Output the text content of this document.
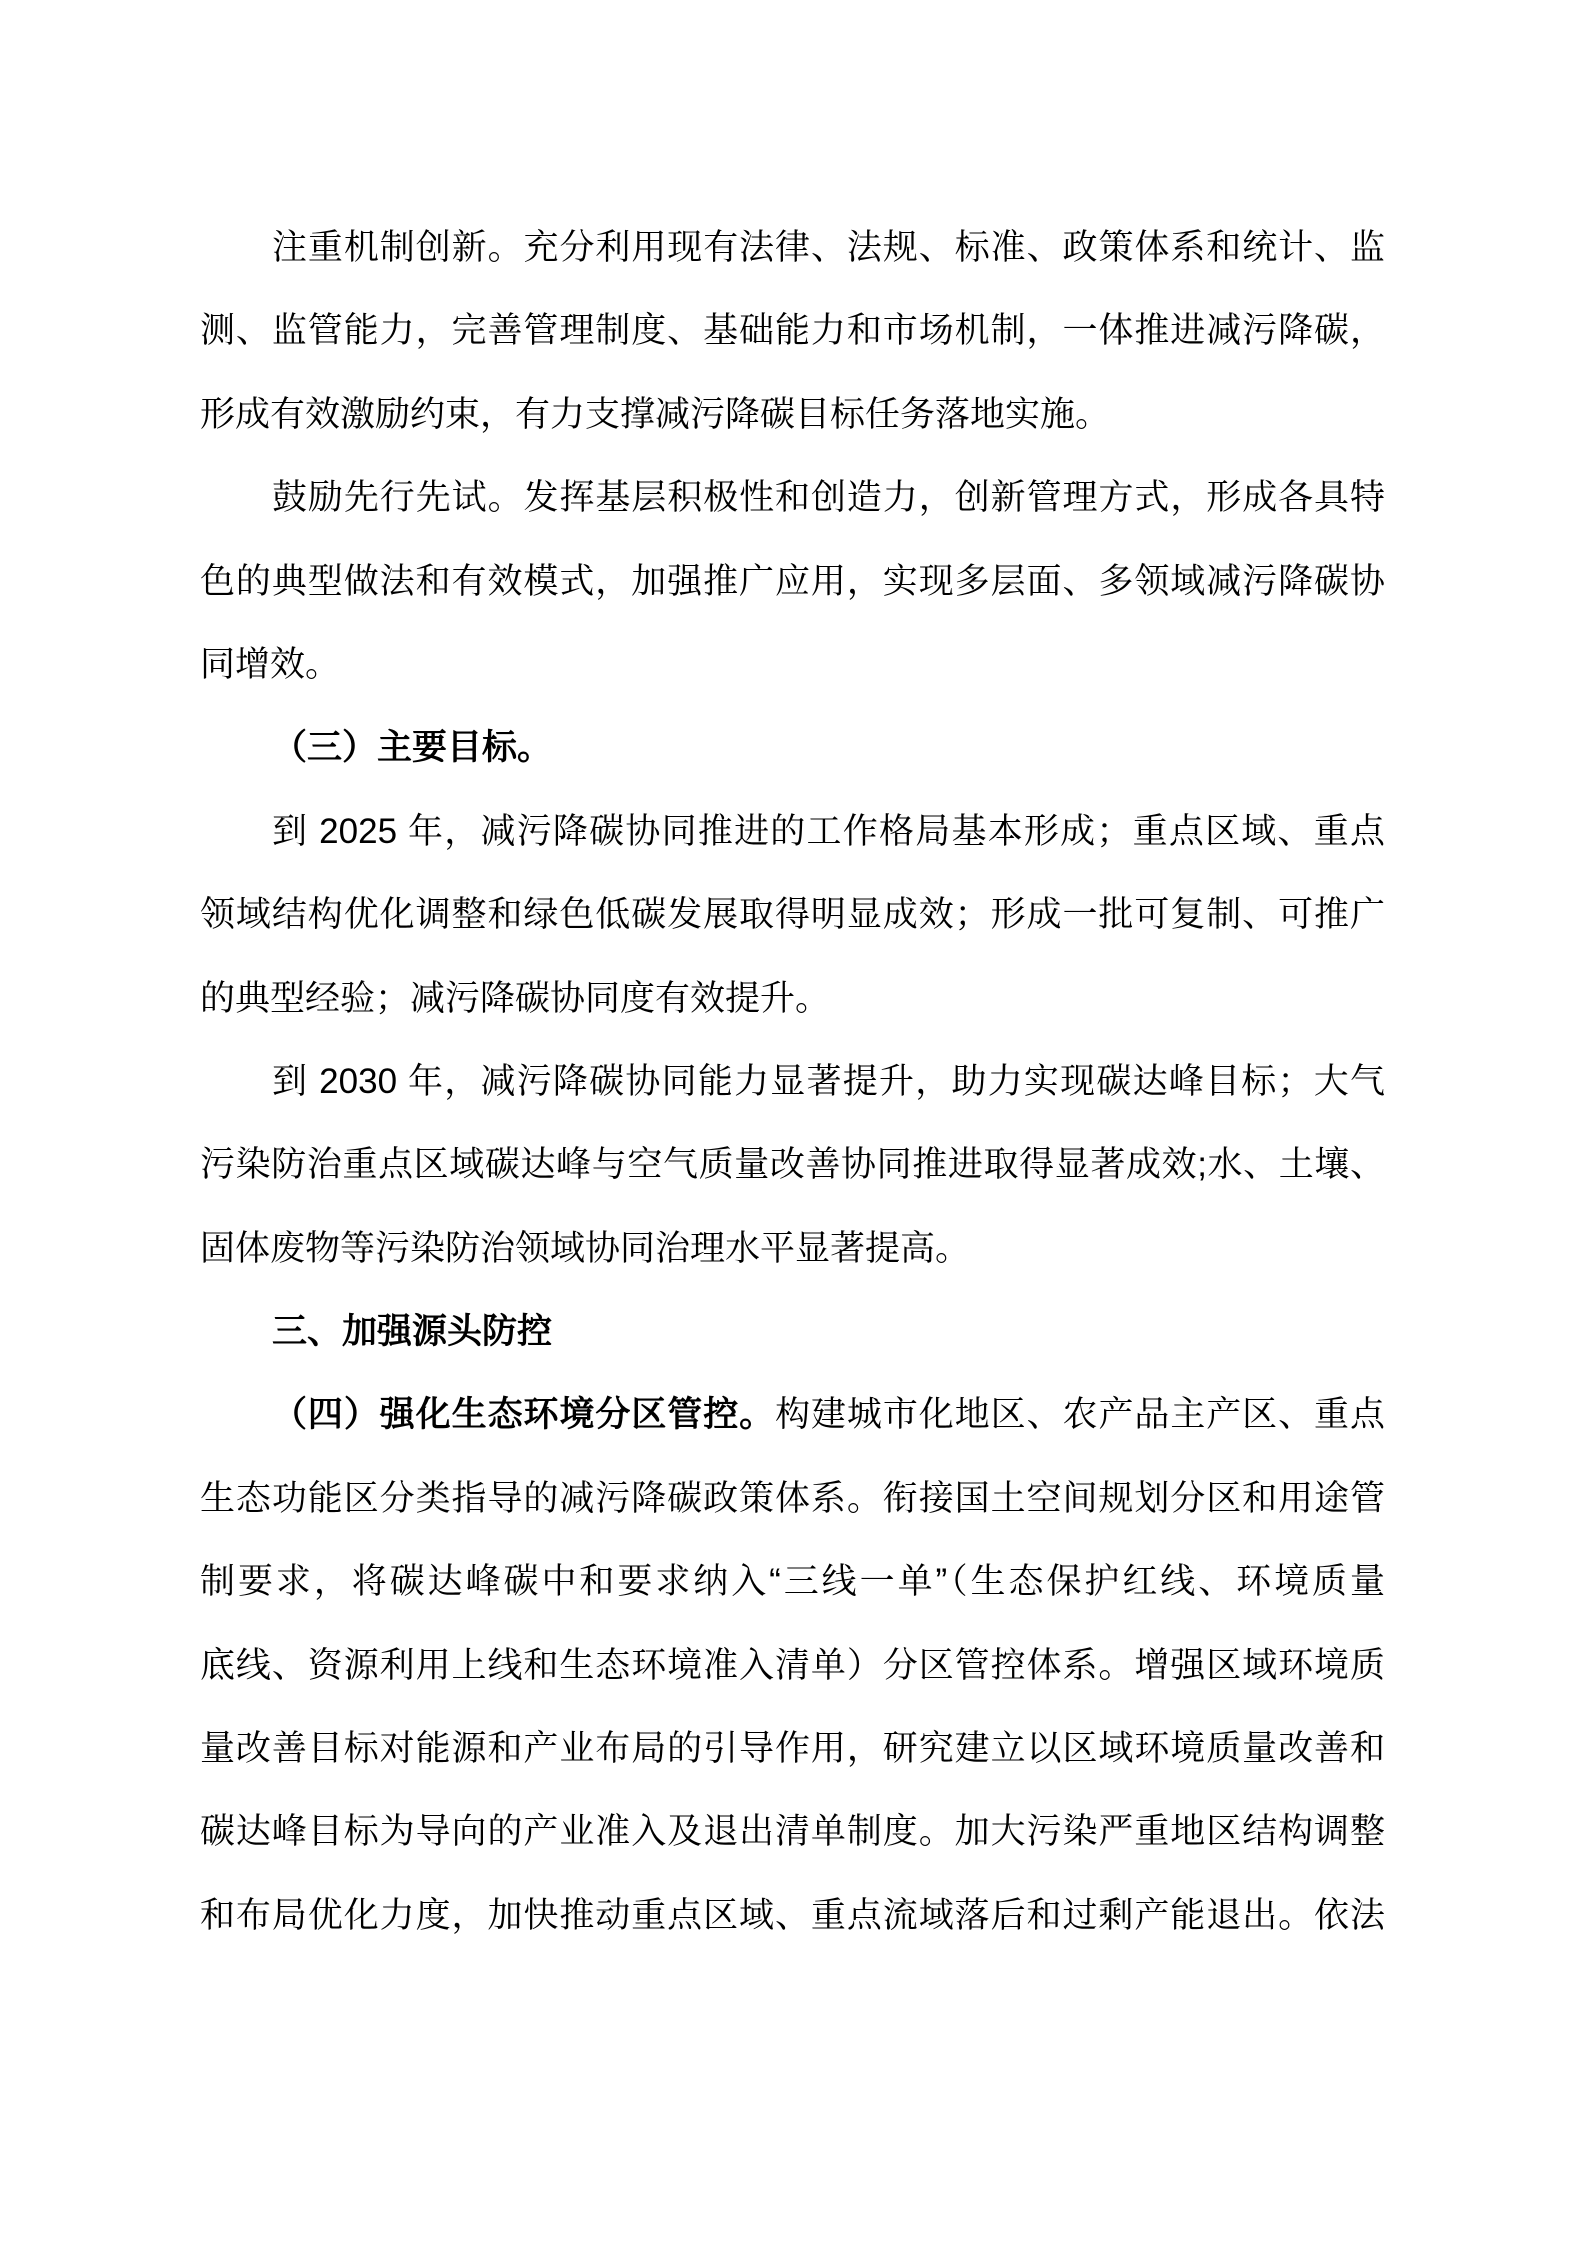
注重机制创新。充分利用现有法律、法规、标准、政策体系和统计、监
测、监管能力，完善管理制度、基础能力和市场机制，一体推进减污降碳，
形成有效激励约束，有力支撑减污降碳目标任务落地实施。
鼓励先行先试。发挥基层积极性和创造力，创新管理方式，形成各具特
色的典型做法和有效模式，加强推广应用，实现多层面、多领域减污降碳协
同增效。
（三）主要目标。
到 2025 年，减污降碳协同推进的工作格局基本形成；重点区域、重点
领域结构优化调整和绿色低碳发展取得明显成效；形成一批可复制、可推广
的典型经验；减污降碳协同度有效提升。
到 2030 年，减污降碳协同能力显著提升，助力实现碳达峰目标；大气
污染防治重点区域碳达峰与空气质量改善协同推进取得显著成效;水、土壤、
固体废物等污染防治领域协同治理水平显著提高。
三、加强源头防控
（四）强化生态环境分区管控。构建城市化地区、农产品主产区、重点
生态功能区分类指导的减污降碳政策体系。衔接国土空间规划分区和用途管
制要求，将碳达峰碳中和要求纳入“三线一单”（生态保护红线、环境质量
底线、资源利用上线和生态环境准入清单）分区管控体系。增强区域环境质
量改善目标对能源和产业布局的引导作用，研究建立以区域环境质量改善和
碳达峰目标为导向的产业准入及退出清单制度。加大污染严重地区结构调整
和布局优化力度，加快推动重点区域、重点流域落后和过剩产能退出。依法
